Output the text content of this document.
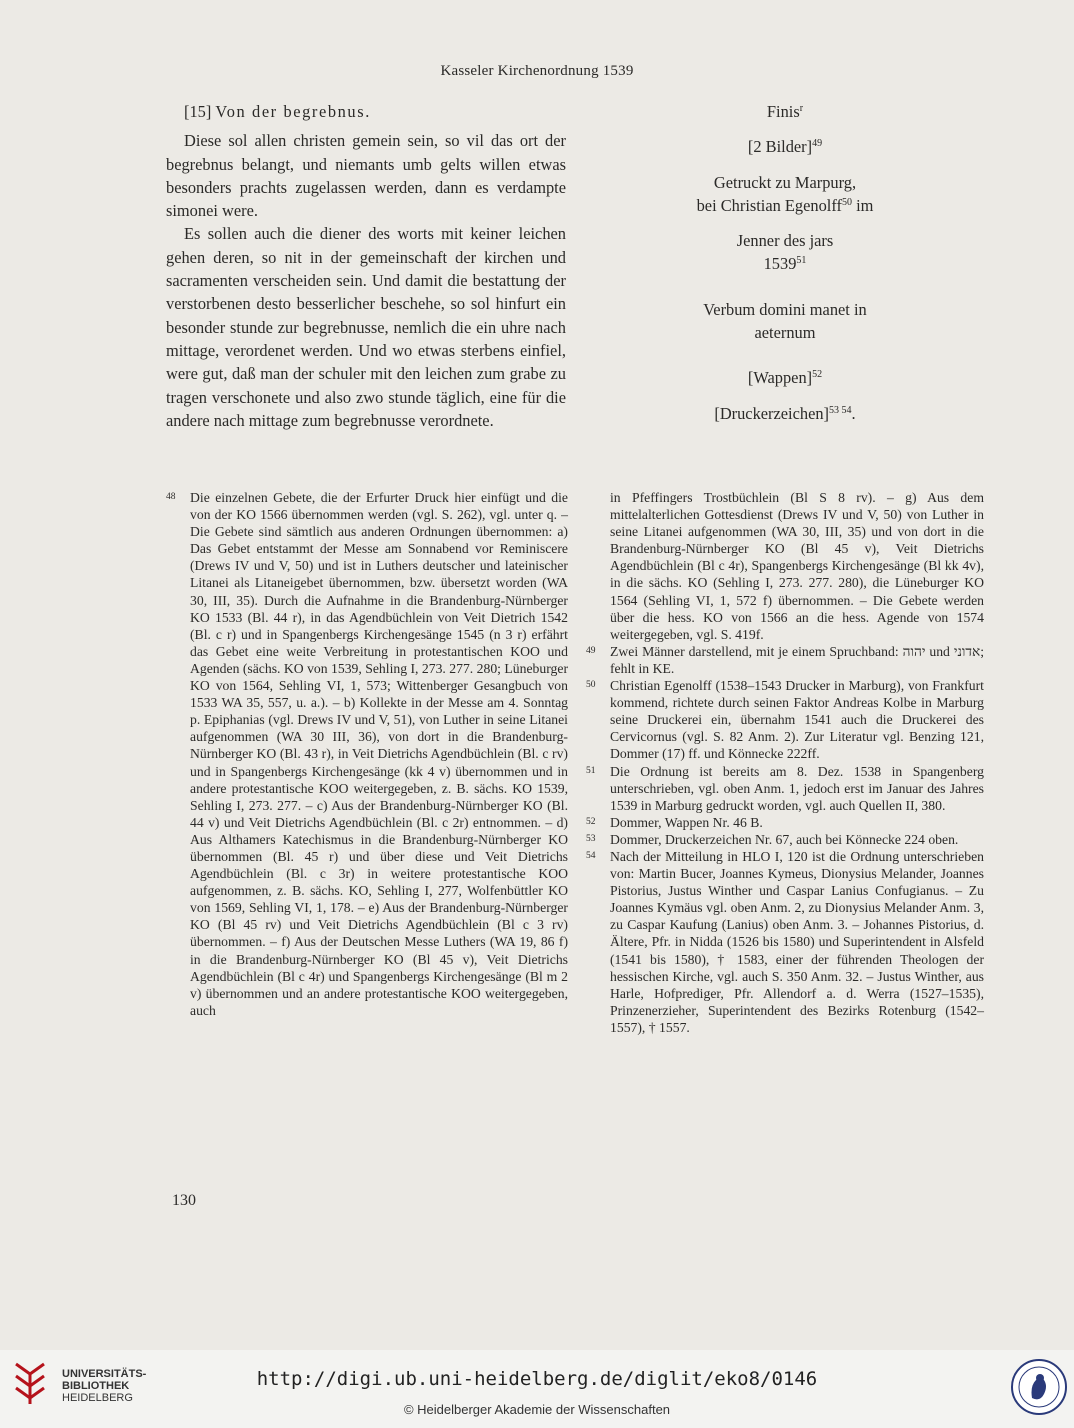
Kasseler Kirchenordnung 1539

[15] Von der begrebnus.

Diese sol allen christen gemein sein, so vil das ort der begrebnus belangt, und niemants umb gelts willen etwas besonders prachts zugelassen werden, dann es verdampte simonei were.

Es sollen auch die diener des worts mit keiner leichen gehen deren, so nit in der gemeinschaft der kirchen und sacramenten verscheiden sein. Und damit die bestattung der verstorbenen desto besserlicher beschehe, so sol hinfurt ein besonder stunde zur begrebnusse, nemlich die ein uhre nach mittage, verordenet werden. Und wo etwas sterbens einfiel, were gut, daß man der schuler mit den leichen zum grabe zu tragen verschonete und also zwo stunde täglich, eine für die andere nach mittage zum begrebnusse verordnete.

Finis$^r$
[2 Bilder]$^{49}$
Getruckt zu Marpurg,
bei Christian Egenolff$^{50}$ im
Jenner des jars
1539$^{51}$
Verbum domini manet in
aeternum
[Wappen]$^{52}$
[Druckerzeichen]$^{53 54}$.

48 Die einzelnen Gebete, die der Erfurter Druck hier einfügt und die von der KO 1566 übernommen werden (vgl. S. 262), vgl. unter q. – Die Gebete sind sämtlich aus anderen Ordnungen übernommen: a) Das Gebet entstammt der Messe am Sonnabend vor Reminiscere (Drews IV und V, 50) und ist in Luthers deutscher und lateinischer Litanei als Litaneigebet übernommen, bzw. übersetzt worden (WA 30, III, 35). Durch die Aufnahme in die Brandenburg-Nürnberger KO 1533 (Bl. 44 r), in das Agendbüchlein von Veit Dietrich 1542 (Bl. c r) und in Spangenbergs Kirchengesänge 1545 (n 3 r) erfährt das Gebet eine weite Verbreitung in protestantischen KOO und Agenden (sächs. KO von 1539, Sehling I, 273. 277. 280; Lüneburger KO von 1564, Sehling VI, 1, 573; Wittenberger Gesangbuch von 1533 WA 35, 557, u. a.). – b) Kollekte in der Messe am 4. Sonntag p. Epiphanias (vgl. Drews IV und V, 51), von Luther in seine Litanei aufgenommen (WA 30 III, 36), von dort in die Brandenburg-Nürnberger KO (Bl. 43 r), in Veit Dietrichs Agendbüchlein (Bl. c rv) und in Spangenbergs Kirchengesänge (kk 4 v) übernommen und in andere protestantische KOO weitergegeben, z. B. sächs. KO 1539, Sehling I, 273. 277. – c) Aus der Brandenburg-Nürnberger KO (Bl. 44 v) und Veit Dietrichs Agendbüchlein (Bl. c 2r) entnommen. – d) Aus Althamers Katechismus in die Brandenburg-Nürnberger KO übernommen (Bl. 45 r) und über diese und Veit Dietrichs Agendbüchlein (Bl. c 3r) in weitere protestantische KOO aufgenommen, z. B. sächs. KO, Sehling I, 277, Wolfenbüttler KO von 1569, Sehling VI, 1, 178. – e) Aus der Brandenburg-Nürnberger KO (Bl 45 rv) und Veit Dietrichs Agendbüchlein (Bl c 3 rv) übernommen. – f) Aus der Deutschen Messe Luthers (WA 19, 86 f) in die Brandenburg-Nürnberger KO (Bl 45 v), Veit Dietrichs Agendbüchlein (Bl c 4r) und Spangenbergs Kirchengesänge (Bl m 2 v) übernommen und an andere protestantische KOO weitergegeben, auch

in Pfeffingers Trostbüchlein (Bl S 8 rv). – g) Aus dem mittelalterlichen Gottesdienst (Drews IV und V, 50) von Luther in seine Litanei aufgenommen (WA 30, III, 35) und von dort in die Brandenburg-Nürnberger KO (Bl 45 v), Veit Dietrichs Agendbüchlein (Bl c 4r), Spangenbergs Kirchengesänge (Bl kk 4v), in die sächs. KO (Sehling I, 273. 277. 280), die Lüneburger KO 1564 (Sehling VI, 1, 572 f) übernommen. – Die Gebete werden über die hess. KO von 1566 an die hess. Agende von 1574 weitergegeben, vgl. S. 419f.

49 Zwei Männer darstellend, mit je einem Spruchband: יהוה und אדוני; fehlt in KE.

50 Christian Egenolff (1538–1543 Drucker in Marburg), von Frankfurt kommend, richtete durch seinen Faktor Andreas Kolbe in Marburg seine Druckerei ein, übernahm 1541 auch die Druckerei des Cervicornus (vgl. S. 82 Anm. 2). Zur Literatur vgl. Benzing 121, Dommer (17) ff. und Könnecke 222ff.

51 Die Ordnung ist bereits am 8. Dez. 1538 in Spangenberg unterschrieben, vgl. oben Anm. 1, jedoch erst im Januar des Jahres 1539 in Marburg gedruckt worden, vgl. auch Quellen II, 380.

52 Dommer, Wappen Nr. 46 B.

53 Dommer, Druckerzeichen Nr. 67, auch bei Könnecke 224 oben.

54 Nach der Mitteilung in HLO I, 120 ist die Ordnung unterschrieben von: Martin Bucer, Joannes Kymeus, Dionysius Melander, Joannes Pistorius, Justus Winther und Caspar Lanius Confugianus. – Zu Joannes Kymäus vgl. oben Anm. 2, zu Dionysius Melander Anm. 3, zu Caspar Kaufung (Lanius) oben Anm. 3. – Johannes Pistorius, d. Ältere, Pfr. in Nidda (1526 bis 1580) und Superintendent in Alsfeld (1541 bis 1580), † 1583, einer der führenden Theologen der hessischen Kirche, vgl. auch S. 350 Anm. 32. – Justus Winther, aus Harle, Hofprediger, Pfr. Allendorf a. d. Werra (1527–1535), Prinzenerzieher, Superintendent des Bezirks Rotenburg (1542–1557), † 1557.

130
UNIVERSITÄTS-
BIBLIOTHEK
HEIDELBERG
http://digi.ub.uni-heidelberg.de/diglit/eko8/0146
© Heidelberger Akademie der Wissenschaften
